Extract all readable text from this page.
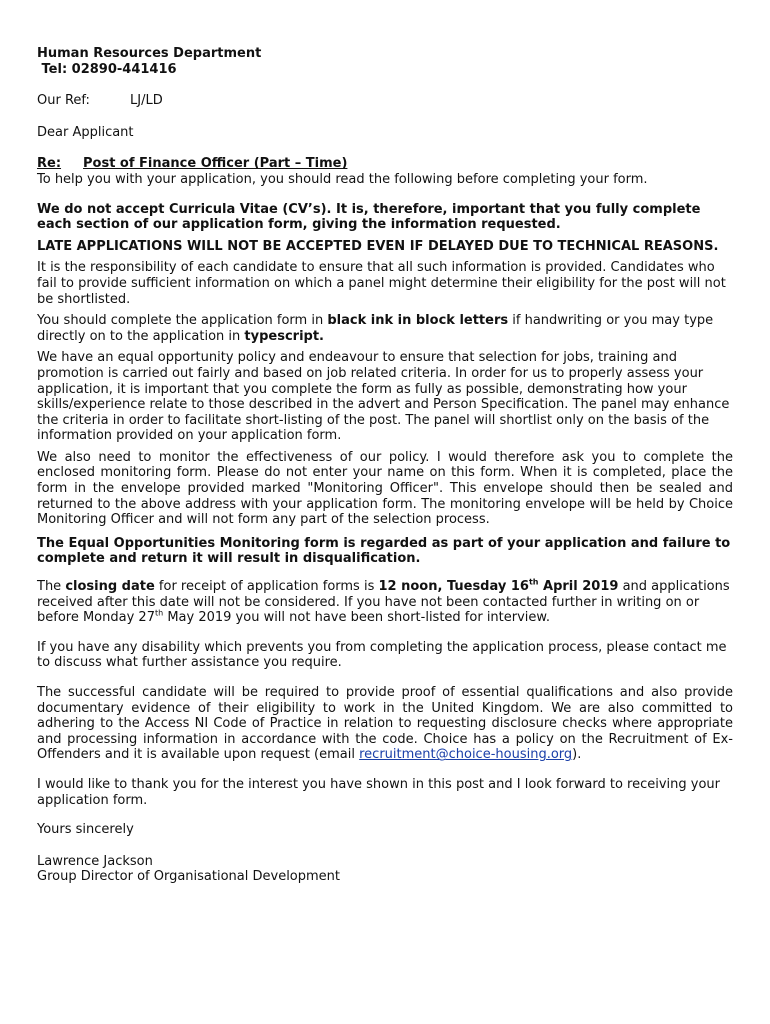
Human Resources Department

Tel: 02890-441416

Our Ref:	LJ/LD

Dear Applicant

Re: Post of Finance Officer (Part – Time)

To help you with your application, you should read the following before completing your form.

We do not accept Curricula Vitae (CV’s). It is, therefore, important that you fully complete each section of our application form, giving the information requested.

LATE APPLICATIONS WILL NOT BE ACCEPTED EVEN IF DELAYED DUE TO TECHNICAL REASONS.

It is the responsibility of each candidate to ensure that all such information is provided. Candidates who fail to provide sufficient information on which a panel might determine their eligibility for the post will not be shortlisted.

You should complete the application form in black ink in block letters if handwriting or you may type directly on to the application in typescript.

We have an equal opportunity policy and endeavour to ensure that selection for jobs, training and promotion is carried out fairly and based on job related criteria. In order for us to properly assess your application, it is important that you complete the form as fully as possible, demonstrating how your skills/experience relate to those described in the advert and Person Specification. The panel may enhance the criteria in order to facilitate short-listing of the post. The panel will shortlist only on the basis of the information provided on your application form.

We also need to monitor the effectiveness of our policy. I would therefore ask you to complete the enclosed monitoring form. Please do not enter your name on this form. When it is completed, place the form in the envelope provided marked "Monitoring Officer". This envelope should then be sealed and returned to the above address with your application form. The monitoring envelope will be held by Choice Monitoring Officer and will not form any part of the selection process.

The Equal Opportunities Monitoring form is regarded as part of your application and failure to complete and return it will result in disqualification.

The closing date for receipt of application forms is 12 noon, Tuesday 16th April 2019 and applications received after this date will not be considered. If you have not been contacted further in writing on or before Monday 27th May 2019 you will not have been short-listed for interview.

If you have any disability which prevents you from completing the application process, please contact me to discuss what further assistance you require.

The successful candidate will be required to provide proof of essential qualifications and also provide documentary evidence of their eligibility to work in the United Kingdom. We are also committed to adhering to the Access NI Code of Practice in relation to requesting disclosure checks where appropriate and processing information in accordance with the code. Choice has a policy on the Recruitment of Ex-Offenders and it is available upon request (email recruitment@choice-housing.org).

I would like to thank you for the interest you have shown in this post and I look forward to receiving your application form.

Yours sincerely

Lawrence Jackson

Group Director of Organisational Development
